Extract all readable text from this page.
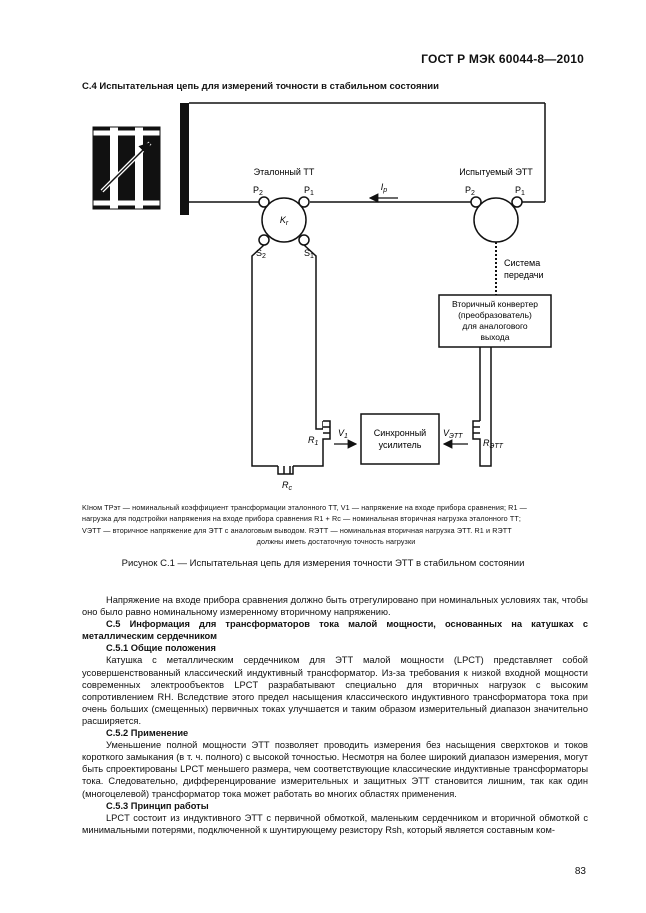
ГОСТ Р МЭК 60044-8—2010
С.4 Испытательная цепь для измерений точности в стабильном состоянии
Эталонный ТТ
$P_2$	$P_1$
$K_r$
$S_2$	$S_1$
Испытуемый ЭТТ
$P_2$	$P_1$
$I_p$
Система
передачи
Вторичный конвертер
(преобразователь)
для аналогового
выхода
$R_c$
$R_1$
$V_1$	Синхронный
усилитель	$R_{ЭТТ}$
$V_{ЭТТ}$
KIном TPэт — номинальный коэффициент трансформации эталонного ТТ, V1 — напряжение на входе прибора сравнения; R1 —
нагрузка для подстройки напряжения на входе прибора сравнения R1 + Rc — номинальная вторичная нагрузка эталонного ТТ;
VЭТТ — вторичное напряжение для ЭТТ с аналоговым выводом. RЭТТ — номинальная вторичная нагрузка ЭТТ. R1 и RЭТТ
должны иметь достаточную точность нагрузки
Рисунок С.1 — Испытательная цепь для измерения точности ЭТТ в стабильном состоянии

Напряжение на входе прибора сравнения должно быть отрегулировано при номинальных условиях так, чтобы оно было равно номинальному измеренному вторичному напряжению.

С.5 Информация для трансформаторов тока малой мощности, основанных на катушках с металлическим сердечником

С.5.1 Общие положения

Катушка с металлическим сердечником для ЭТТ малой мощности (LPCT) представляет собой усовершенствованный классический индуктивный трансформатор. Из-за требования к низкой входной мощности современных электрообъектов LPCT разрабатывают специально для вторичных нагрузок с высоким сопротивлением RH. Вследствие этого предел насыщения классического индуктивного трансформатора тока при очень больших (смещенных) первичных токах улучшается и таким образом измерительный диапазон значительно расширяется.

С.5.2 Применение

Уменьшение полной мощности ЭТТ позволяет проводить измерения без насыщения сверхтоков и токов короткого замыкания (в т. ч. полного) с высокой точностью. Несмотря на более широкий диапазон измерения, могут быть спроектированы LPCT меньшего размера, чем соответствующие классические индуктивные трансформаторы тока. Следовательно, дифференцирование измерительных и защитных ЭТТ становится лишним, так как один (многоцелевой) трансформатор тока может работать во многих областях применения.

С.5.3 Принцип работы

LPCT состоит из индуктивного ЭТТ с первичной обмоткой, маленьким сердечником и вторичной обмоткой с минимальными потерями, подключенной к шунтирующему резистору Rsh, который является составным ком-

83
